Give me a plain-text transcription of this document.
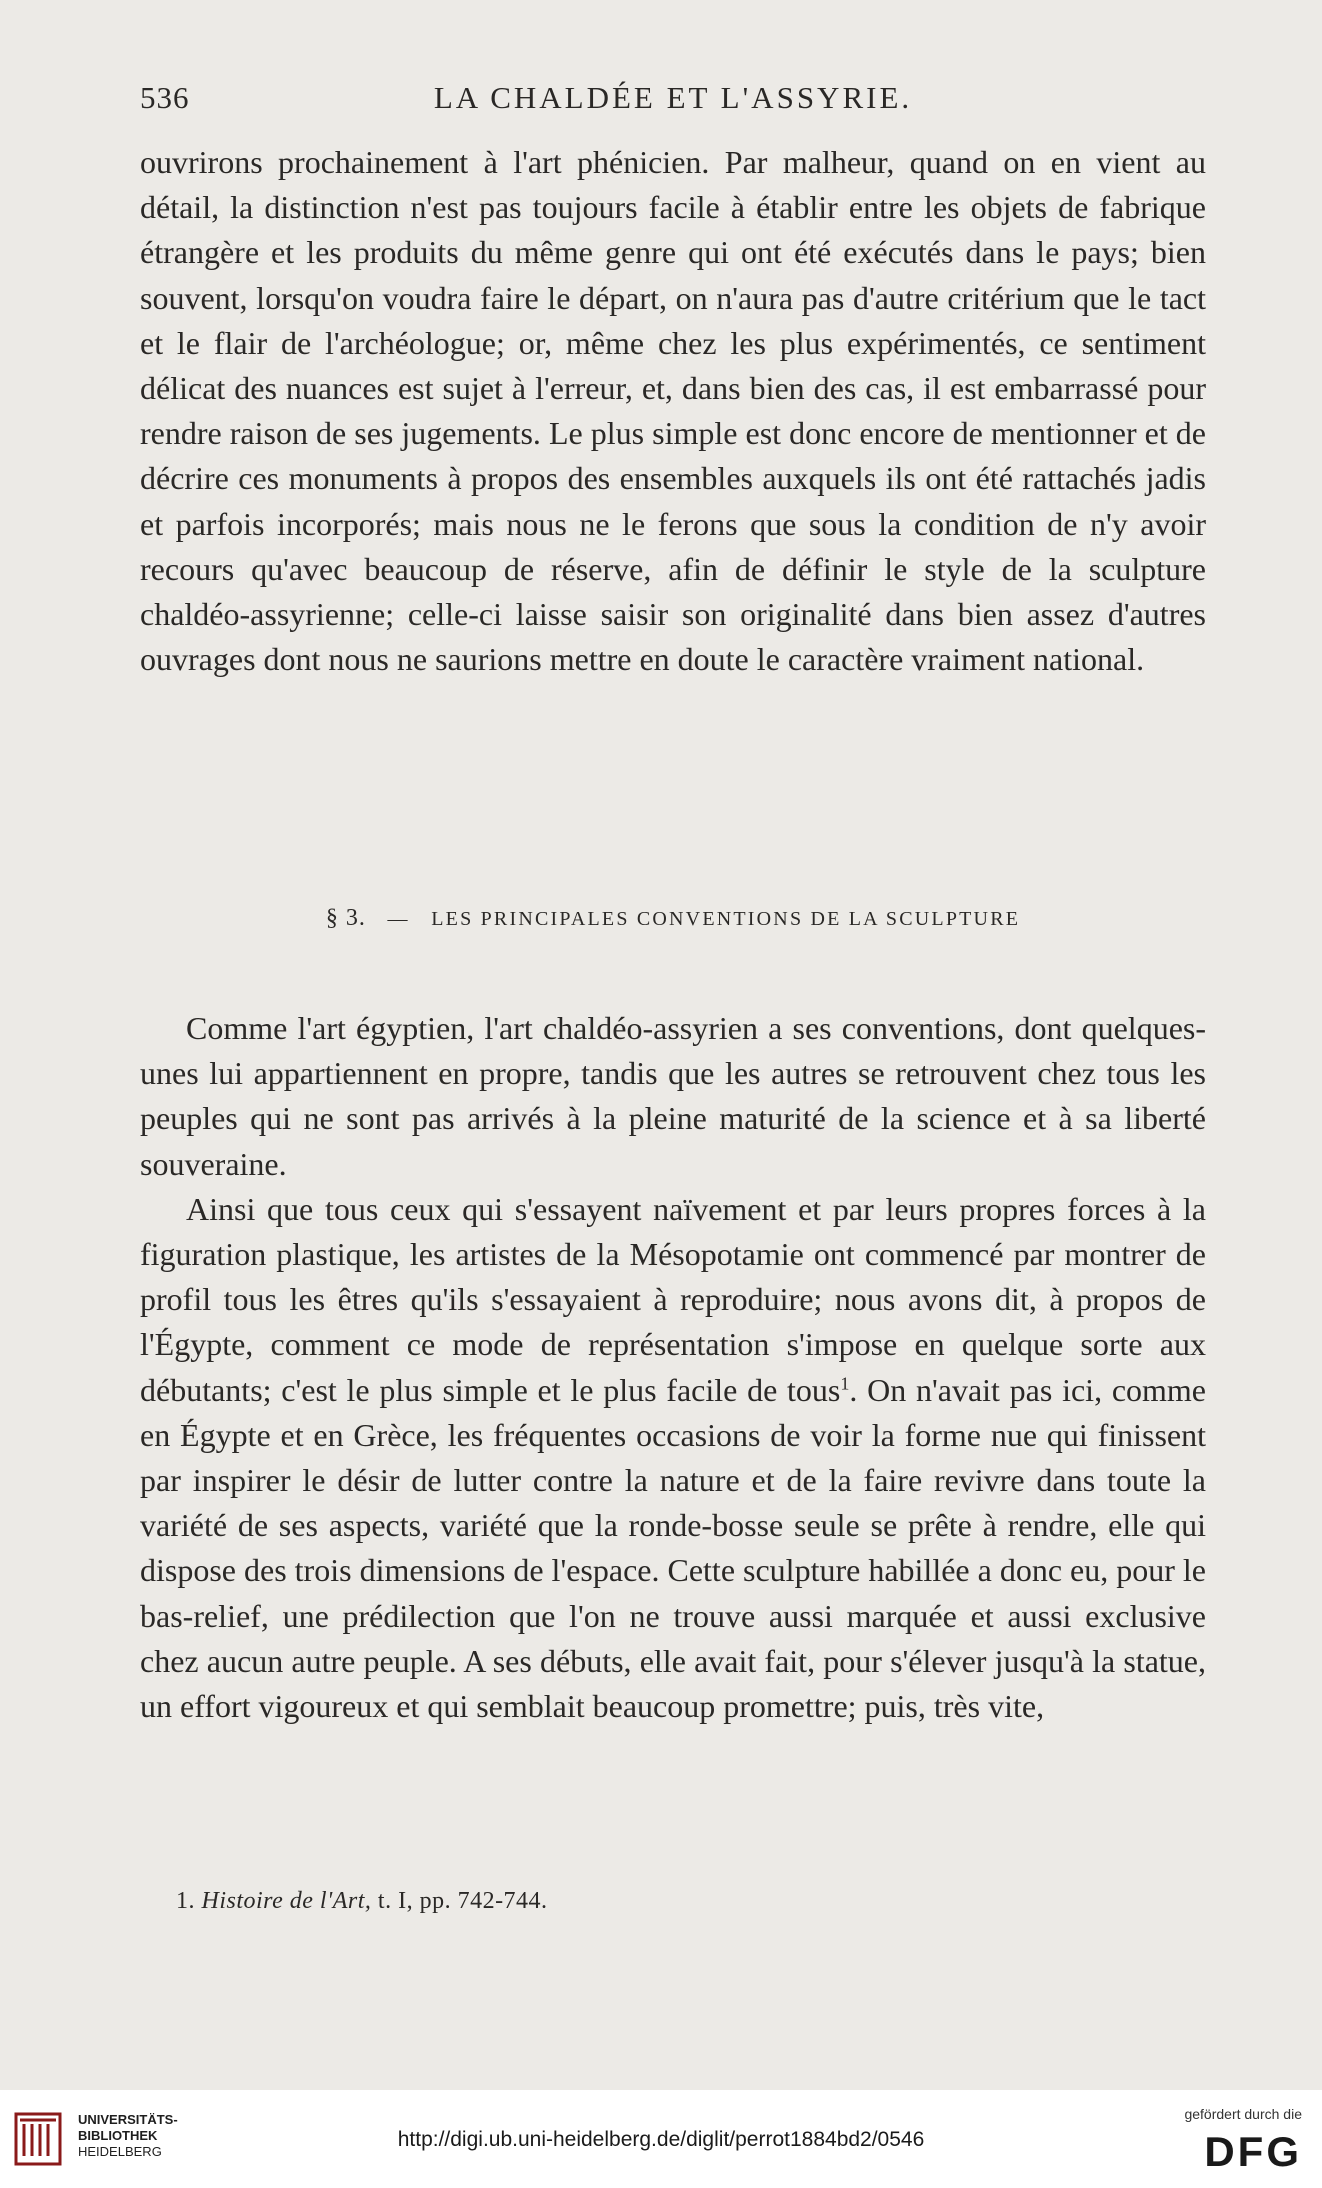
536	LA CHALDÉE ET L'ASSYRIE.

ouvrirons prochainement à l'art phénicien. Par malheur, quand on en vient au détail, la distinction n'est pas toujours facile à établir entre les objets de fabrique étrangère et les produits du même genre qui ont été exécutés dans le pays; bien souvent, lorsqu'on voudra faire le départ, on n'aura pas d'autre critérium que le tact et le flair de l'archéologue; or, même chez les plus expérimentés, ce sentiment délicat des nuances est sujet à l'erreur, et, dans bien des cas, il est embarrassé pour rendre raison de ses jugements. Le plus simple est donc encore de mentionner et de décrire ces monuments à propos des ensembles auxquels ils ont été rattachés jadis et parfois incorporés; mais nous ne le ferons que sous la condition de n'y avoir recours qu'avec beaucoup de réserve, afin de définir le style de la sculpture chaldéo-assyrienne; celle-ci laisse saisir son originalité dans bien assez d'autres ouvrages dont nous ne saurions mettre en doute le caractère vraiment national.

§ 3. — LES PRINCIPALES CONVENTIONS DE LA SCULPTURE

Comme l'art égyptien, l'art chaldéo-assyrien a ses conventions, dont quelques-unes lui appartiennent en propre, tandis que les autres se retrouvent chez tous les peuples qui ne sont pas arrivés à la pleine maturité de la science et à sa liberté souveraine.

Ainsi que tous ceux qui s'essayent naïvement et par leurs propres forces à la figuration plastique, les artistes de la Mésopotamie ont commencé par montrer de profil tous les êtres qu'ils s'essayaient à reproduire; nous avons dit, à propos de l'Égypte, comment ce mode de représentation s'impose en quelque sorte aux débutants; c'est le plus simple et le plus facile de tous$^1$. On n'avait pas ici, comme en Égypte et en Grèce, les fréquentes occasions de voir la forme nue qui finissent par inspirer le désir de lutter contre la nature et de la faire revivre dans toute la variété de ses aspects, variété que la ronde-bosse seule se prête à rendre, elle qui dispose des trois dimensions de l'espace. Cette sculpture habillée a donc eu, pour le bas-relief, une prédilection que l'on ne trouve aussi marquée et aussi exclusive chez aucun autre peuple. A ses débuts, elle avait fait, pour s'élever jusqu'à la statue, un effort vigoureux et qui semblait beaucoup promettre; puis, très vite,

1. Histoire de l'Art, t. I, pp. 742-744.
UNIVERSITÄTS-
BIBLIOTHEK
HEIDELBERG
http://digi.ub.uni-heidelberg.de/diglit/perrot1884bd2/0546
gefördert durch die
DFG
